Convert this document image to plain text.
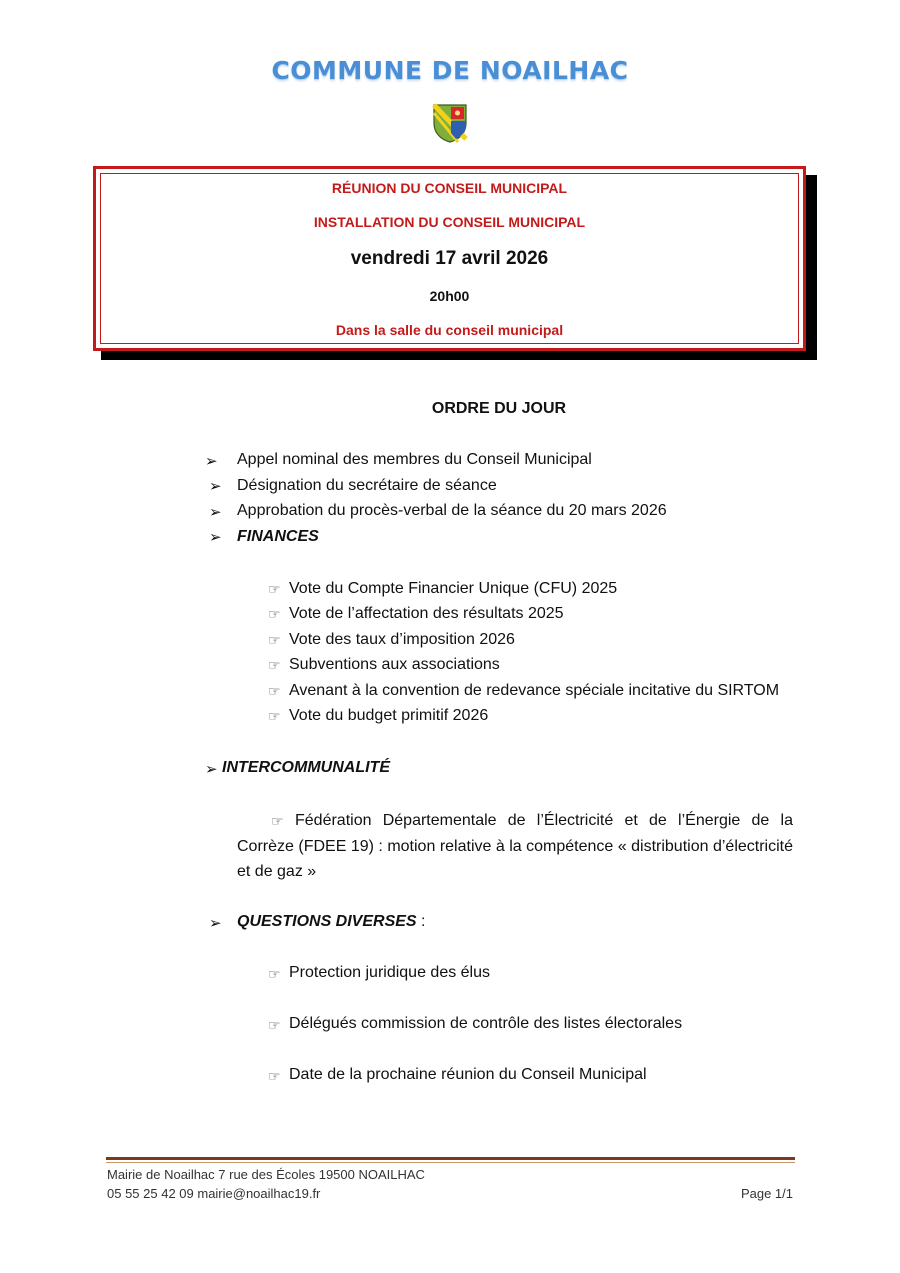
COMMUNE DE NOAILHAC
RÉUNION DU CONSEIL MUNICIPAL
INSTALLATION DU CONSEIL MUNICIPAL
vendredi 17 avril 2026
20h00
Dans la salle du conseil municipal
ORDRE DU JOUR
➢ Appel nominal des membres du Conseil Municipal
➢ Désignation du secrétaire de séance
➢ Approbation du procès-verbal de la séance du 20 mars 2026
➢ FINANCES
☞ Vote du Compte Financier Unique (CFU) 2025
☞ Vote de l’affectation des résultats 2025
☞ Vote des taux d’imposition 2026
☞ Subventions aux associations
☞ Avenant à la convention de redevance spéciale incitative du SIRTOM
☞ Vote du budget primitif 2026
➢ INTERCOMMUNALITÉ
☞ Fédération Départementale de l’Électricité et de l’Énergie de la Corrèze (FDEE 19) : motion relative à la compétence « distribution d’électricité et de gaz »
➢ QUESTIONS DIVERSES :
☞ Protection juridique des élus
☞ Délégués commission de contrôle des listes électorales
☞ Date de la prochaine réunion du Conseil Municipal
Mairie de Noailhac 7 rue des Écoles 19500 NOAILHAC
05 55 25 42 09 mairie@noailhac19.fr	Page 1/1
